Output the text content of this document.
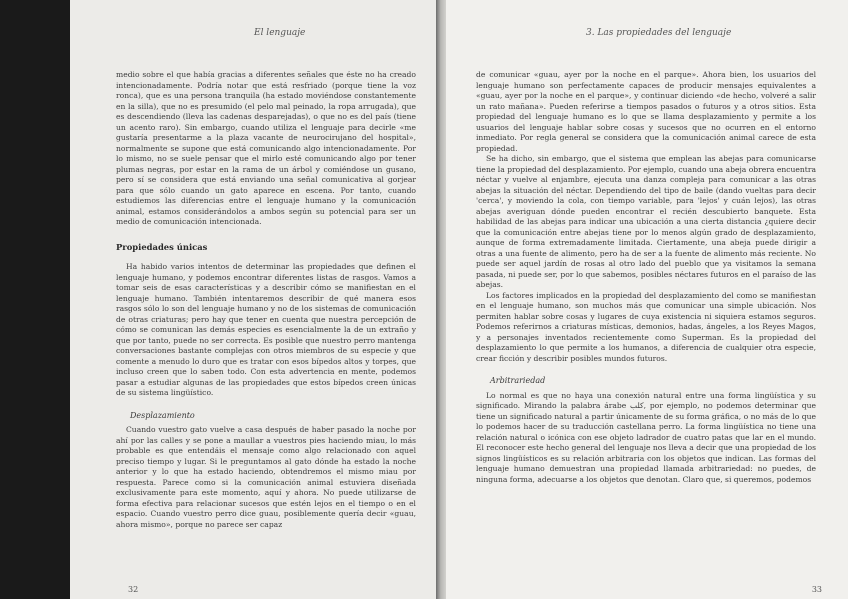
El lenguaje

medio sobre el que había gracias a diferentes señales que éste no ha creado intencionadamente. Podría notar que está resfriado (porque tiene la voz ronca), que es una persona tranquila (ha estado moviéndose constantemente en la silla), que no es presumido (el pelo mal peinado, la ropa arrugada), que es descendiendo (lleva las cadenas desparejadas), o que no es del país (tiene un acento raro). Sin embargo, cuando utiliza el lenguaje para decirle «me gustaría presentarme a la plaza vacante de neurocirujano del hospital», normalmente se supone que está comunicando algo intencionadamente. Por lo mismo, no se suele pensar que el mirlo esté comunicando algo por tener plumas negras, por estar en la rama de un árbol y comiéndose un gusano, pero sí se considera que está enviando una señal comunicativa al gorjear para que sólo cuando un gato aparece en escena. Por tanto, cuando estudiemos las diferencias entre el lenguaje humano y la comunicación animal, estamos considerándolos a ambos según su potencial para ser un medio de comunicación intencionada.

Propiedades únicas

Ha habido varios intentos de determinar las propiedades que definen el lenguaje humano, y podemos encontrar diferentes listas de rasgos. Vamos a tomar seis de esas características y a describir cómo se manifiestan en el lenguaje humano. También intentaremos describir de qué manera esos rasgos sólo lo son del lenguaje humano y no de los sistemas de comunicación de otras criaturas; pero hay que tener en cuenta que nuestra percepción de cómo se comunican las demás especies es esencialmente la de un extraño y que por tanto, puede no ser correcta. Es posible que nuestro perro mantenga conversaciones bastante complejas con otros miembros de su especie y que comente a menudo lo duro que es tratar con esos bípedos altos y torpes, que incluso creen que lo saben todo. Con esta advertencia en mente, podemos pasar a estudiar algunas de las propiedades que estos bípedos creen únicas de su sistema lingüístico.

Desplazamiento

Cuando vuestro gato vuelve a casa después de haber pasado la noche por ahí por las calles y se pone a maullar a vuestros pies haciendo miau, lo más probable es que entendáis el mensaje como algo relacionado con aquel preciso tiempo y lugar. Si le preguntamos al gato dónde ha estado la noche anterior y lo que ha estado haciendo, obtendremos el mismo miau por respuesta. Parece como si la comunicación animal estuviera diseñada exclusivamente para este momento, aquí y ahora. No puede utilizarse de forma efectiva para relacionar sucesos que estén lejos en el tiempo o en el espacio. Cuando vuestro perro dice guau, posiblemente quería decir «guau, ahora mismo», porque no parece ser capaz

32
3. Las propiedades del lenguaje

de comunicar «guau, ayer por la noche en el parque». Ahora bien, los usuarios del lenguaje humano son perfectamente capaces de producir mensajes equivalentes a «guau, ayer por la noche en el parque», y continuar diciendo «de hecho, volveré a salir un rato mañana». Pueden referirse a tiempos pasados o futuros y a otros sitios. Esta propiedad del lenguaje humano es lo que se llama desplazamiento y permite a los usuarios del lenguaje hablar sobre cosas y sucesos que no ocurren en el entorno inmediato. Por regla general se considera que la comunicación animal carece de esta propiedad.

Se ha dicho, sin embargo, que el sistema que emplean las abejas para comunicarse tiene la propiedad del desplazamiento. Por ejemplo, cuando una abeja obrera encuentra néctar y vuelve al enjambre, ejecuta una danza compleja para comunicar a las otras abejas la situación del néctar. Dependiendo del tipo de baile (dando vueltas para decir 'cerca', y moviendo la cola, con tiempo variable, para 'lejos' y cuán lejos), las otras abejas averiguan dónde pueden encontrar el recién descubierto banquete. Esta habilidad de las abejas para indicar una ubicación a una cierta distancia ¿quiere decir que la comunicación entre abejas tiene por lo menos algún grado de desplazamiento, aunque de forma extremadamente limitada. Ciertamente, una abeja puede dirigir a otras a una fuente de alimento, pero ha de ser a la fuente de alimento más reciente. No puede ser aquel jardín de rosas al otro lado del pueblo que ya visitamos la semana pasada, ni puede ser, por lo que sabemos, posibles néctares futuros en el paraíso de las abejas.

Los factores implicados en la propiedad del desplazamiento del como se manifiestan en el lenguaje humano, son muchos más que comunicar una simple ubicación. Nos permiten hablar sobre cosas y lugares de cuya existencia ni siquiera estamos seguros. Podemos referirnos a criaturas místicas, demonios, hadas, ángeles, a los Reyes Magos, y a personajes inventados recientemente como Superman. Es la propiedad del desplazamiento lo que permite a los humanos, a diferencia de cualquier otra especie, crear ficción y describir posibles mundos futuros.

Arbitrariedad

Lo normal es que no haya una conexión natural entre una forma lingüística y su significado. Mirando la palabra árabe كلب, por ejemplo, no podemos determinar que tiene un significado natural a partir únicamente de su forma gráfica, o no más de lo que lo podemos hacer de su traducción castellana perro. La forma lingüística no tiene una relación natural o icónica con ese objeto ladrador de cuatro patas que lar en el mundo. El reconocer este hecho general del lenguaje nos lleva a decir que una propiedad de los signos lingüísticos es su relación arbitraria con los objetos que indican. Las formas del lenguaje humano demuestran una propiedad llamada arbitrariedad: no puedes, de ninguna forma, adecuarse a los objetos que denotan. Claro que, si queremos, podemos

33
